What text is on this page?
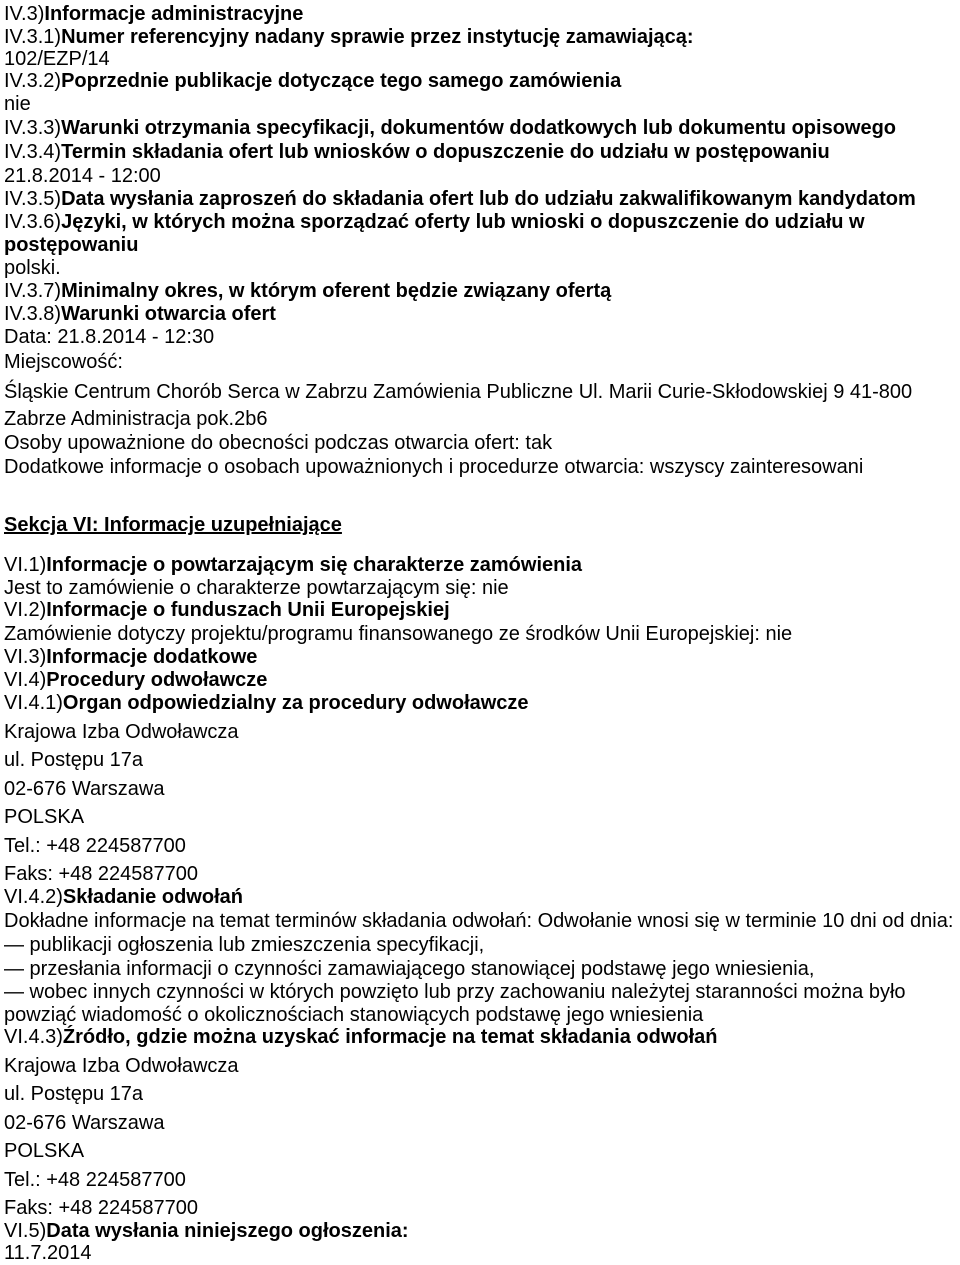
IV.3)Informacje administracyjne
IV.3.1)Numer referencyjny nadany sprawie przez instytucję zamawiającą:
102/EZP/14
IV.3.2)Poprzednie publikacje dotyczące tego samego zamówienia
nie
IV.3.3)Warunki otrzymania specyfikacji, dokumentów dodatkowych lub dokumentu opisowego
IV.3.4)Termin składania ofert lub wniosków o dopuszczenie do udziału w postępowaniu
21.8.2014 - 12:00
IV.3.5)Data wysłania zaproszeń do składania ofert lub do udziału zakwalifikowanym kandydatom
IV.3.6)Języki, w których można sporządzać oferty lub wnioski o dopuszczenie do udziału w
postępowaniu
polski.
IV.3.7)Minimalny okres, w którym oferent będzie związany ofertą
IV.3.8)Warunki otwarcia ofert
Data: 21.8.2014 - 12:30
Miejscowość:
Śląskie Centrum Chorób Serca w Zabrzu Zamówienia Publiczne Ul. Marii Curie-Skłodowskiej 9 41-800
Zabrze Administracja pok.2b6
Osoby upoważnione do obecności podczas otwarcia ofert: tak
Dodatkowe informacje o osobach upoważnionych i procedurze otwarcia: wszyscy zainteresowani
Sekcja VI: Informacje uzupełniające
VI.1)Informacje o powtarzającym się charakterze zamówienia
Jest to zamówienie o charakterze powtarzającym się: nie
VI.2)Informacje o funduszach Unii Europejskiej
Zamówienie dotyczy projektu/programu finansowanego ze środków Unii Europejskiej: nie
VI.3)Informacje dodatkowe
VI.4)Procedury odwoławcze
VI.4.1)Organ odpowiedzialny za procedury odwoławcze
Krajowa Izba Odwoławcza
ul. Postępu 17a
02-676 Warszawa
POLSKA
Tel.: +48 224587700
Faks: +48 224587700
VI.4.2)Składanie odwołań
Dokładne informacje na temat terminów składania odwołań: Odwołanie wnosi się w terminie 10 dni od dnia:
— publikacji ogłoszenia lub zmieszczenia specyfikacji,
— przesłania informacji o czynności zamawiającego stanowiącej podstawę jego wniesienia,
— wobec innych czynności w których powzięto lub przy zachowaniu należytej staranności można było
powziąć wiadomość o okolicznościach stanowiących podstawę jego wniesienia
VI.4.3)Źródło, gdzie można uzyskać informacje na temat składania odwołań
Krajowa Izba Odwoławcza
ul. Postępu 17a
02-676 Warszawa
POLSKA
Tel.: +48 224587700
Faks: +48 224587700
VI.5)Data wysłania niniejszego ogłoszenia:
11.7.2014
